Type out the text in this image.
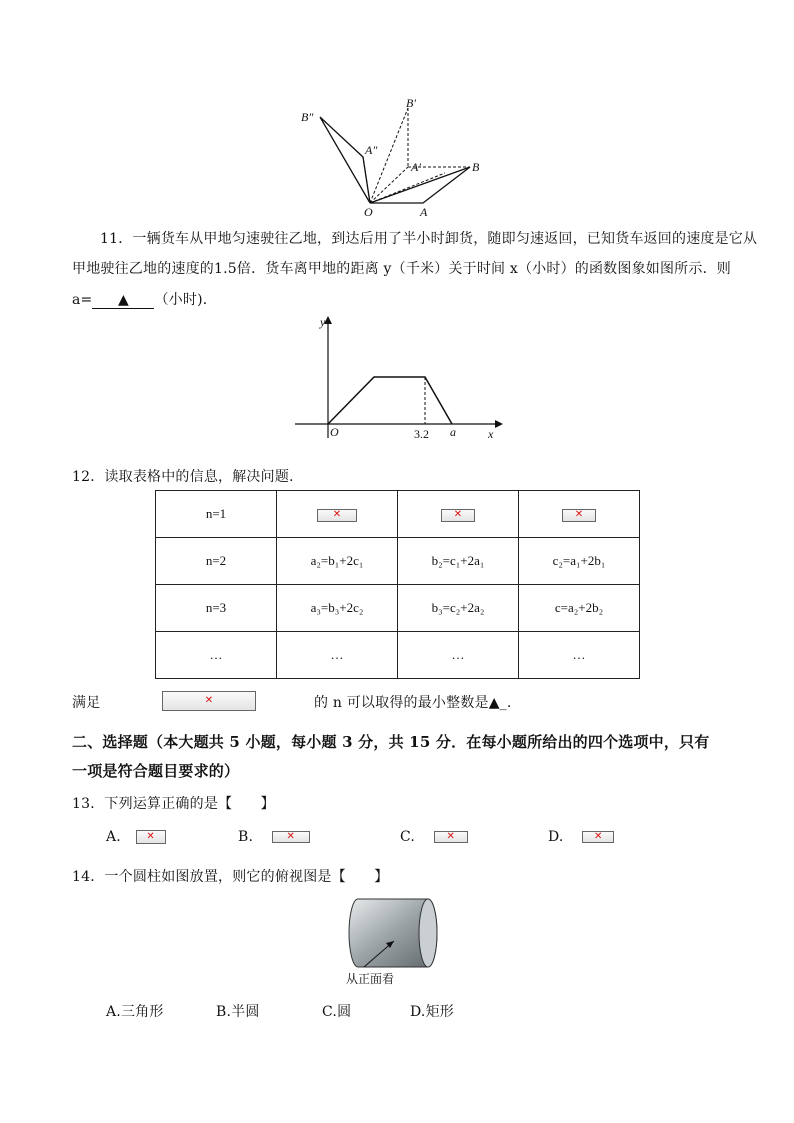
B″
B′
A″
A′	B
O	A
11．一辆货车从甲地匀速驶往乙地，到达后用了半小时卸货，随即匀速返回，已知货车返回的速度是它从
甲地驶往乙地的速度的1.5倍．货车离甲地的距离 y（千米）关于时间 x（小时）的函数图象如图所示．则
a= ▲ （小时)．
y
x
O	3.2 a
12．读取表格中的信息，解决问题.
n=1	✕	✕	✕
n=2	a₂=b₁+2c₁	b₂=c₁+2a₁	c₂=a₁+2b₁
n=3	a₃=b₃+2c₂	b₃=c₂+2a₂	c=a₂+2b₂
…	…	…	…
满足 ✕	的 n 可以取得的最小整数是▲_.
二、选择题（本大题共 5 小题，每小题 3 分，共 15 分．在每小题所给出的四个选项中，只有
一项是符合题目要求的）
13．下列运算正确的是【　　】
A. ✕	B. ✕	C. ✕	D. ✕
14．一个圆柱如图放置，则它的俯视图是【　　】
从正面看
A.三角形	B.半圆	C.圆	D.矩形
